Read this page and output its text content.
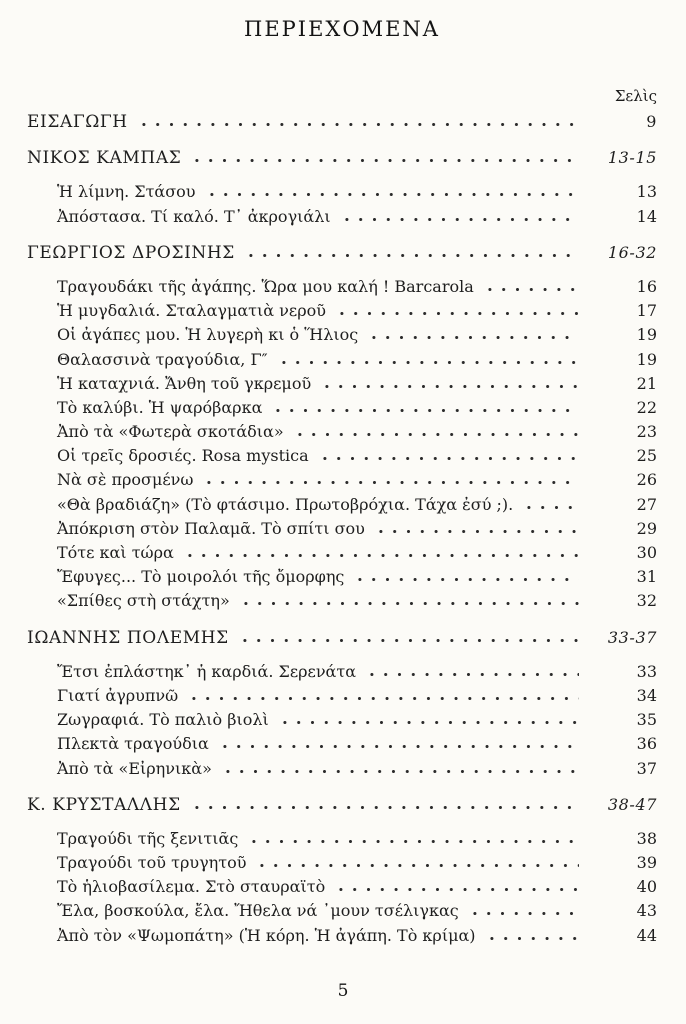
ΠΕΡΙΕΧΟΜΕΝΑ
Σελὶς
ΕΙΣΑΓΩΓΗ	9
ΝΙΚΟΣ ΚΑΜΠΑΣ	13-15
Ἡ λίμνη. Στάσου	13
Ἀπόστασα. Τί καλό. Τ᾽ ἀκρογιάλι	14
ΓΕΩΡΓΙΟΣ ΔΡΟΣΙΝΗΣ	16-32
Τραγουδάκι τῆς ἀγάπης. Ὥρα μου καλή ! Barcarola	16
Ἡ μυγδαλιά. Σταλαγματιὰ νεροῦ	17
Οἱ ἀγάπες μου. Ἡ λυγερὴ κι ὁ Ἥλιος	19
Θαλασσινὰ τραγούδια, Γ″	19
Ἡ καταχνιά. Ἄνθη τοῦ γκρεμοῦ	21
Τὸ καλύβι. Ἡ ψαρόβαρκα	22
Ἀπὸ τὰ «Φωτερὰ σκοτάδια»	23
Οἱ τρεῖς δροσιές. Rosa mystica	25
Νὰ σὲ προσμένω	26
«Θὰ βραδιάζη» (Τὸ φτάσιμο. Πρωτοβρόχια. Τάχα ἐσύ ;).	27
Ἀπόκριση στὸν Παλαμᾶ. Τὸ σπίτι σου	29
Τότε καὶ τώρα	30
Ἔφυγες... Τὸ μοιρολόι τῆς ὄμορφης	31
«Σπίθες στὴ στάχτη»	32
ΙΩΑΝΝΗΣ ΠΟΛΕΜΗΣ	33-37
Ἔτσι ἐπλάστηκ᾽ ἡ καρδιά. Σερενάτα	33
Γιατί ἀγρυπνῶ	34
Ζωγραφιά. Τὸ παλιὸ βιολὶ	35
Πλεκτὰ τραγούδια	36
Ἀπὸ τὰ «Εἰρηνικὰ»	37
Κ. ΚΡΥΣΤΑΛΛΗΣ	38-47
Τραγούδι τῆς ξενιτιᾶς	38
Τραγούδι τοῦ τρυγητοῦ	39
Τὸ ἡλιοβασίλεμα. Στὸ σταυραϊτὸ	40
Ἔλα, βοσκούλα, ἔλα. Ἤθελα νά ᾽μουν τσέλιγκας	43
Ἀπὸ τὸν «Ψωμοπάτη» (Ἡ κόρη. Ἡ ἀγάπη. Τὸ κρίμα)	44
5
